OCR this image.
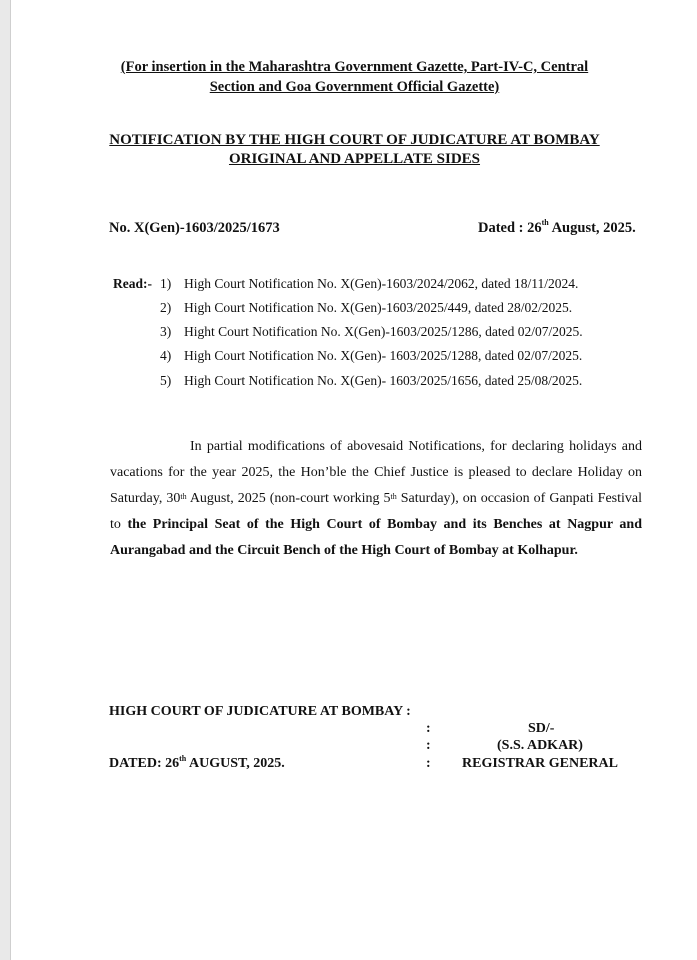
(For insertion in the Maharashtra Government Gazette, Part-IV-C, Central
Section and Goa Government Official Gazette)
NOTIFICATION BY THE HIGH COURT OF JUDICATURE AT BOMBAY
ORIGINAL AND APPELLATE SIDES
No. X(Gen)-1603/2025/1673	Dated : 26th August, 2025.
Read:- 1) High Court Notification No. X(Gen)-1603/2024/2062, dated 18/11/2024.
2) High Court Notification No. X(Gen)-1603/2025/449, dated 28/02/2025.
3) Hight Court Notification No. X(Gen)-1603/2025/1286, dated 02/07/2025.
4) High Court Notification No. X(Gen)- 1603/2025/1288, dated 02/07/2025.
5) High Court Notification No. X(Gen)- 1603/2025/1656, dated 25/08/2025.
In partial modifications of abovesaid Notifications, for declaring holidays and vacations for the year 2025, the Hon’ble the Chief Justice is pleased to declare Holiday on Saturday, 30th August, 2025 (non-court working 5th Saturday), on occasion of Ganpati Festival to the Principal Seat of the High Court of Bombay and its Benches at Nagpur and Aurangabad and the Circuit Bench of the High Court of Bombay at Kolhapur.
HIGH COURT OF JUDICATURE AT BOMBAY :
:	SD/-
:	(S.S. ADKAR)
DATED: 26th AUGUST, 2025.	: REGISTRAR GENERAL
